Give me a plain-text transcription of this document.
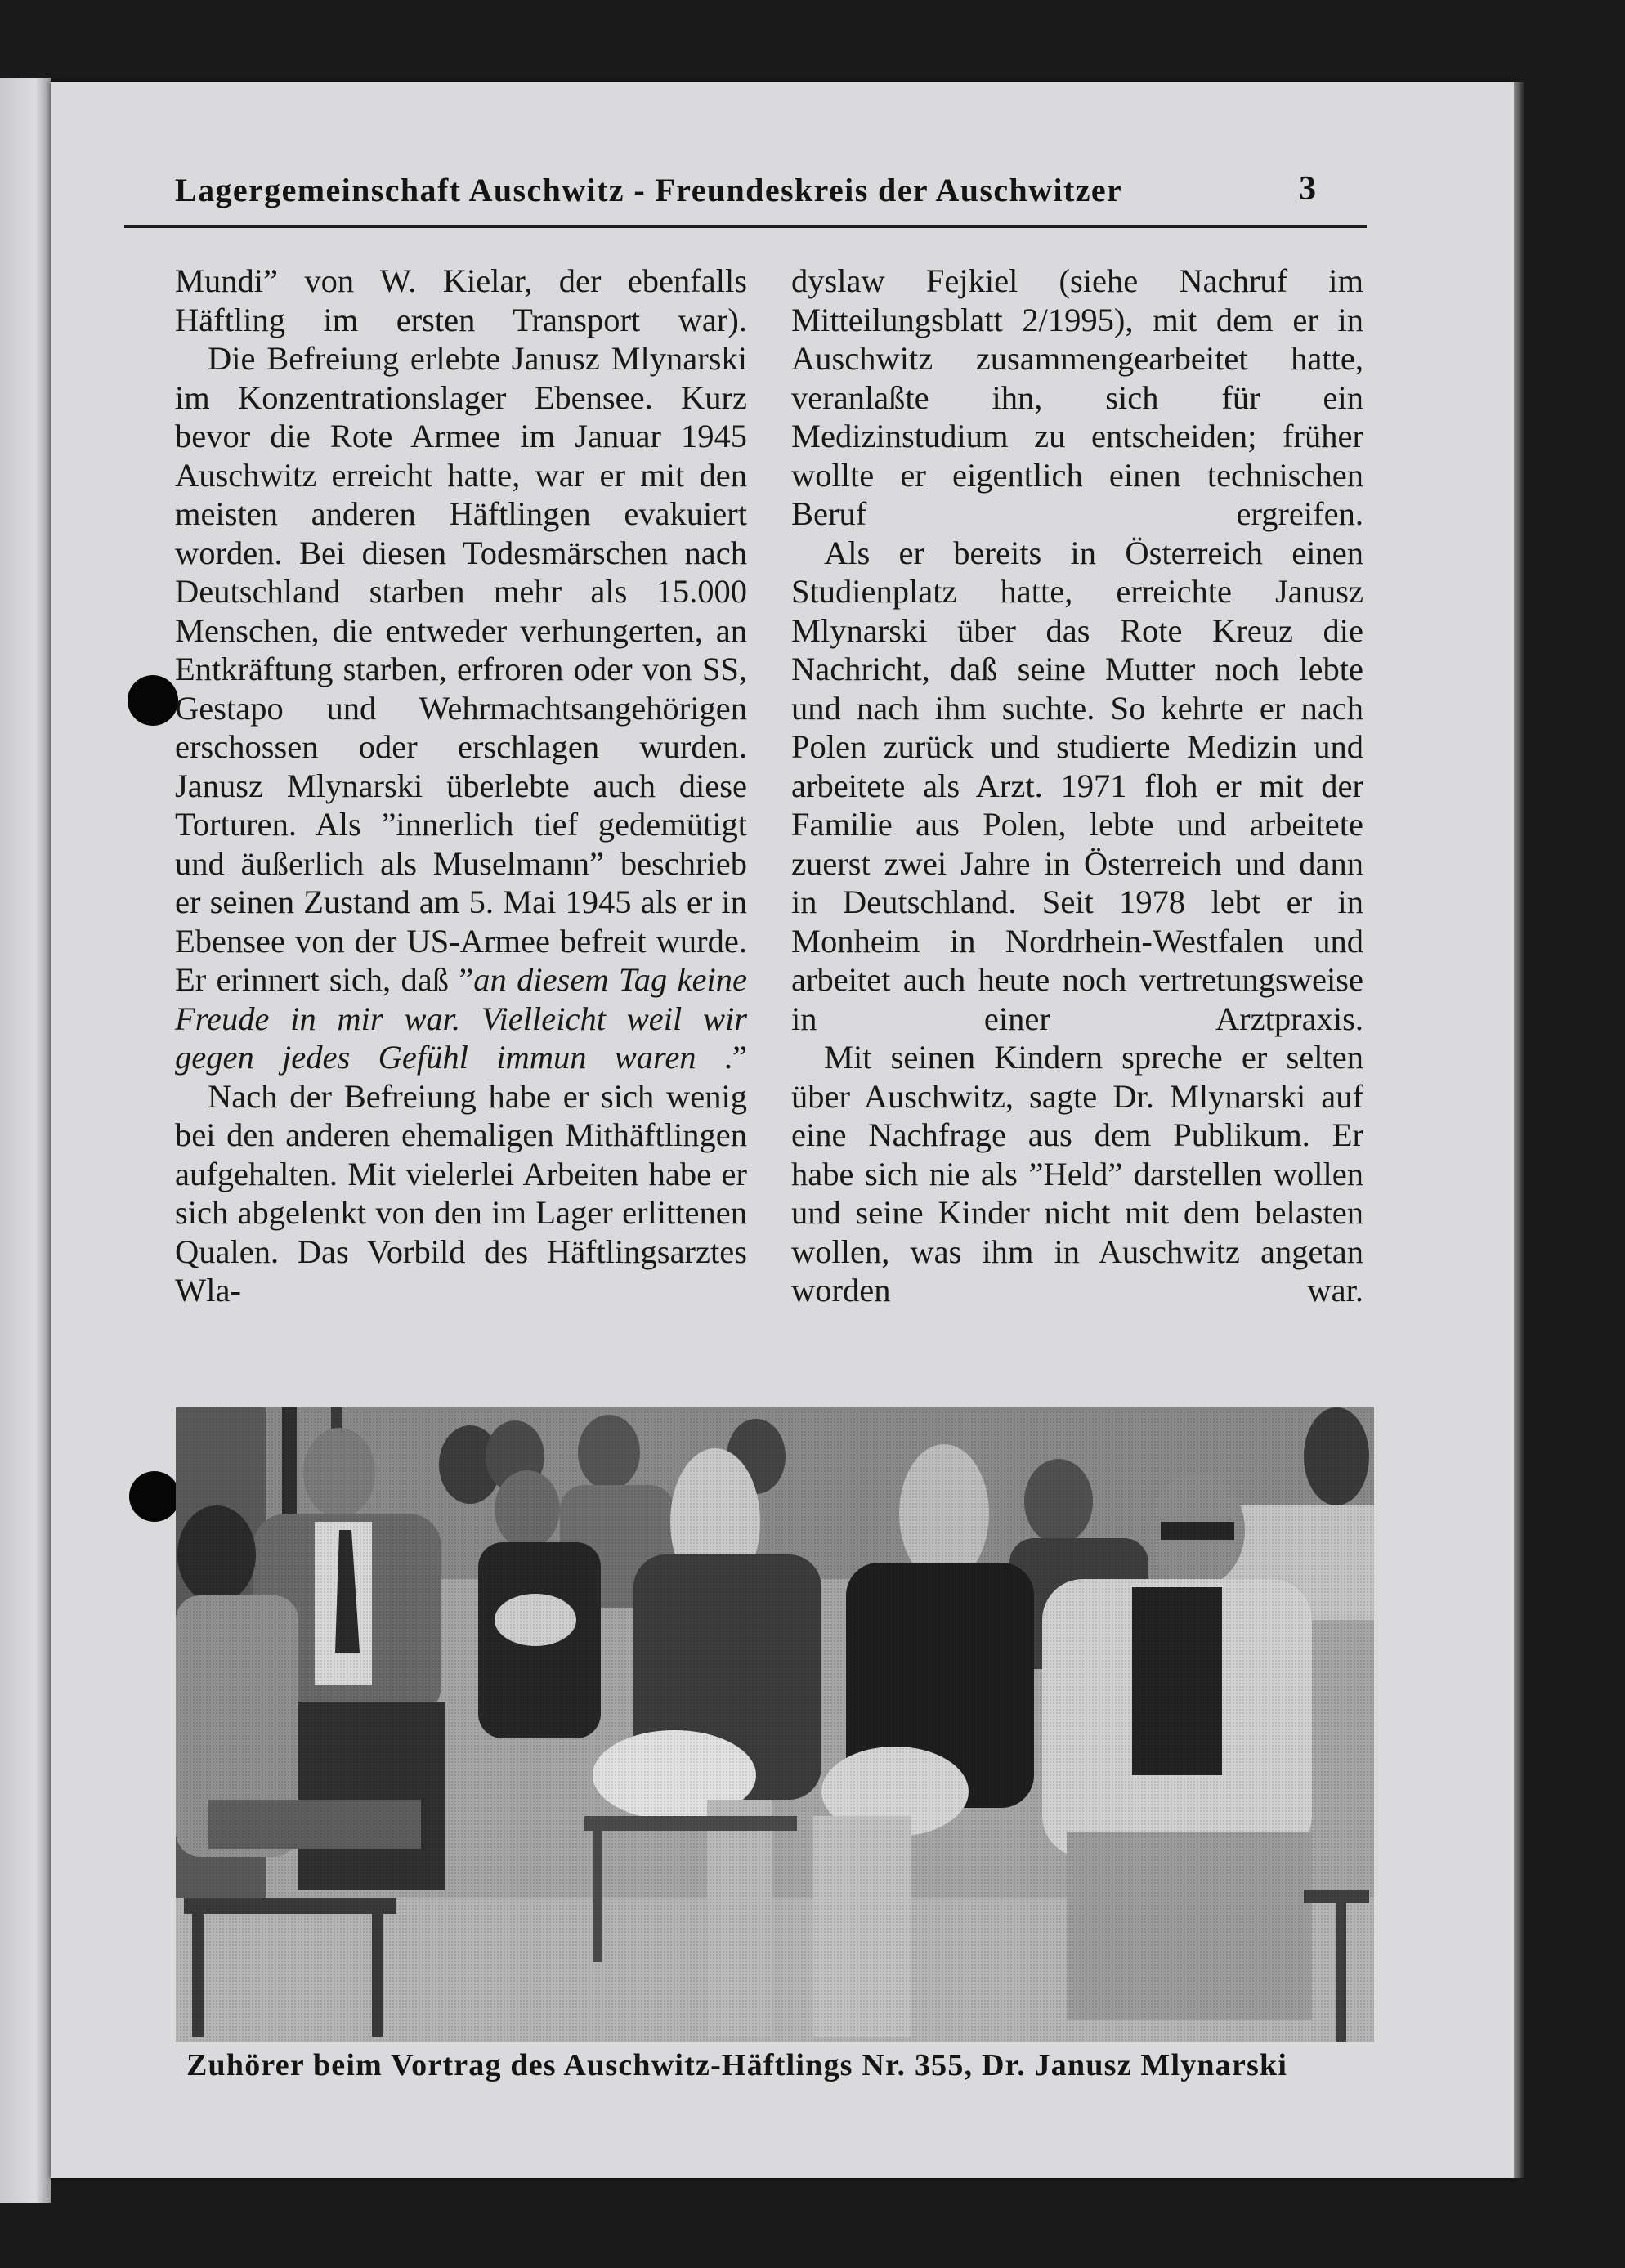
Lagergemeinschaft Auschwitz - Freundeskreis der Auschwitzer	3

Mundi” von W. Kielar, der ebenfalls Häftling im ersten Transport war).

Die Befreiung erlebte Janusz Mlynarski im Konzentrationslager Ebensee. Kurz bevor die Rote Armee im Januar 1945 Auschwitz erreicht hatte, war er mit den meisten anderen Häftlingen evakuiert worden. Bei diesen Todesmärschen nach Deutschland starben mehr als 15.000 Menschen, die entweder verhungerten, an Entkräftung starben, erfroren oder von SS, Gestapo und Wehrmachtsangehörigen erschossen oder erschlagen wurden. Janusz Mlynarski überlebte auch diese Torturen. Als ”innerlich tief gedemütigt und äußerlich als Muselmann” beschrieb er seinen Zustand am 5. Mai 1945 als er in Ebensee von der US-Armee befreit wurde. Er erinnert sich, daß ”an diesem Tag keine Freude in mir war. Vielleicht weil wir gegen jedes Gefühl immun waren .”

Nach der Befreiung habe er sich wenig bei den anderen ehemaligen Mithäftlingen aufgehalten. Mit vielerlei Arbeiten habe er sich abgelenkt von den im Lager erlittenen Qualen. Das Vorbild des Häftlingsarztes Wla-

dyslaw Fejkiel (siehe Nachruf im Mitteilungsblatt 2/1995), mit dem er in Auschwitz zusammengearbeitet hatte, veranlaßte ihn, sich für ein Medizinstudium zu entscheiden; früher wollte er eigentlich einen technischen Beruf ergreifen.

Als er bereits in Österreich einen Studienplatz hatte, erreichte Janusz Mlynarski über das Rote Kreuz die Nachricht, daß seine Mutter noch lebte und nach ihm suchte. So kehrte er nach Polen zurück und studierte Medizin und arbeitete als Arzt. 1971 floh er mit der Familie aus Polen, lebte und arbeitete zuerst zwei Jahre in Österreich und dann in Deutschland. Seit 1978 lebt er in Monheim in Nordrhein-Westfalen und arbeitet auch heute noch vertretungsweise in einer Arztpraxis.

Mit seinen Kindern spreche er selten über Auschwitz, sagte Dr. Mlynarski auf eine Nachfrage aus dem Publikum. Er habe sich nie als ”Held” darstellen wollen und seine Kinder nicht mit dem belasten wollen, was ihm in Auschwitz angetan worden war.

Zuhörer beim Vortrag des Auschwitz-Häftlings Nr. 355, Dr. Janusz Mlynarski
